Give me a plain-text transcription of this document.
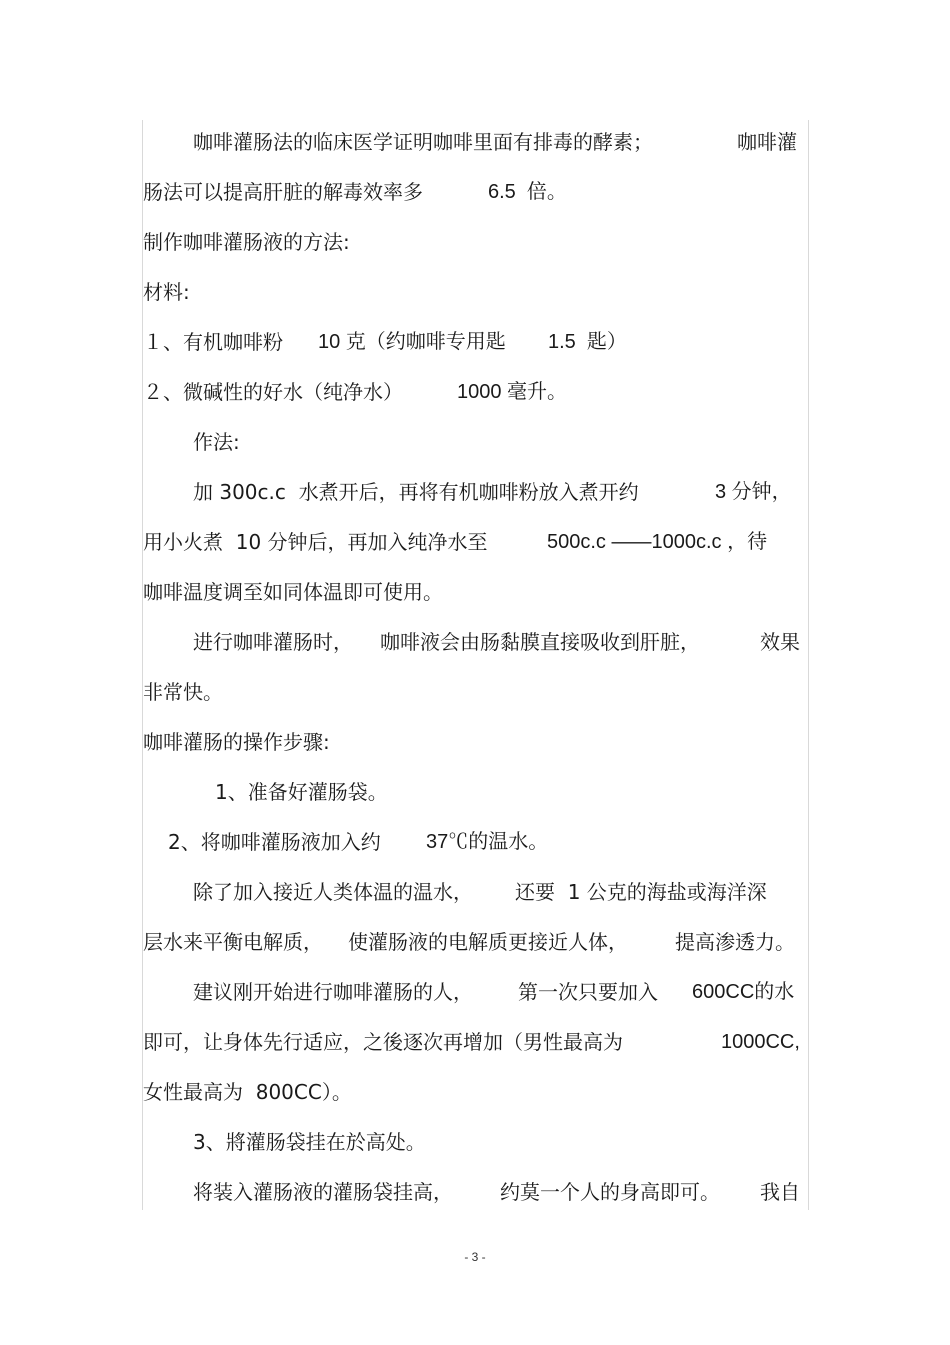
咖啡灌肠法的临床医学证明咖啡里面有排毒的酵素；	咖啡灌

肠法可以提高肝脏的解毒效率多	6.5  倍。

制作咖啡灌肠液的方法:

材料:

１、有机咖啡粉 10 克（约咖啡专用匙 1.5  匙）

２、微碱性的好水（纯净水）	1000 毫升。

作法:

加 300c.c  水煮开后，再将有机咖啡粉放入煮开约	3 分钟，

用小火煮  10 分钟后，再加入纯净水至	500c.c ——1000c.c ，待

咖啡温度调至如同体温即可使用。

进行咖啡灌肠时， 咖啡液会由肠黏膜直接吸收到肝脏，	效果

非常快。

咖啡灌肠的操作步骤:

1、准备好灌肠袋。

2、将咖啡灌肠液加入约 37℃的温水。

除了加入接近人类体温的温水， 还要  1 公克的海盐或海洋深

层水来平衡电解质， 使灌肠液的电解质更接近人体， 提高渗透力。

建议刚开始进行咖啡灌肠的人， 第一次只要加入 600CC的水

即可，让身体先行适应，之後逐次再增加（男性最高为	1000CC,

女性最高为  800CC）。

3、將灌肠袋挂在於高处。

将装入灌肠液的灌肠袋挂高， 约莫一个人的身高即可。 我自

- 3 -
